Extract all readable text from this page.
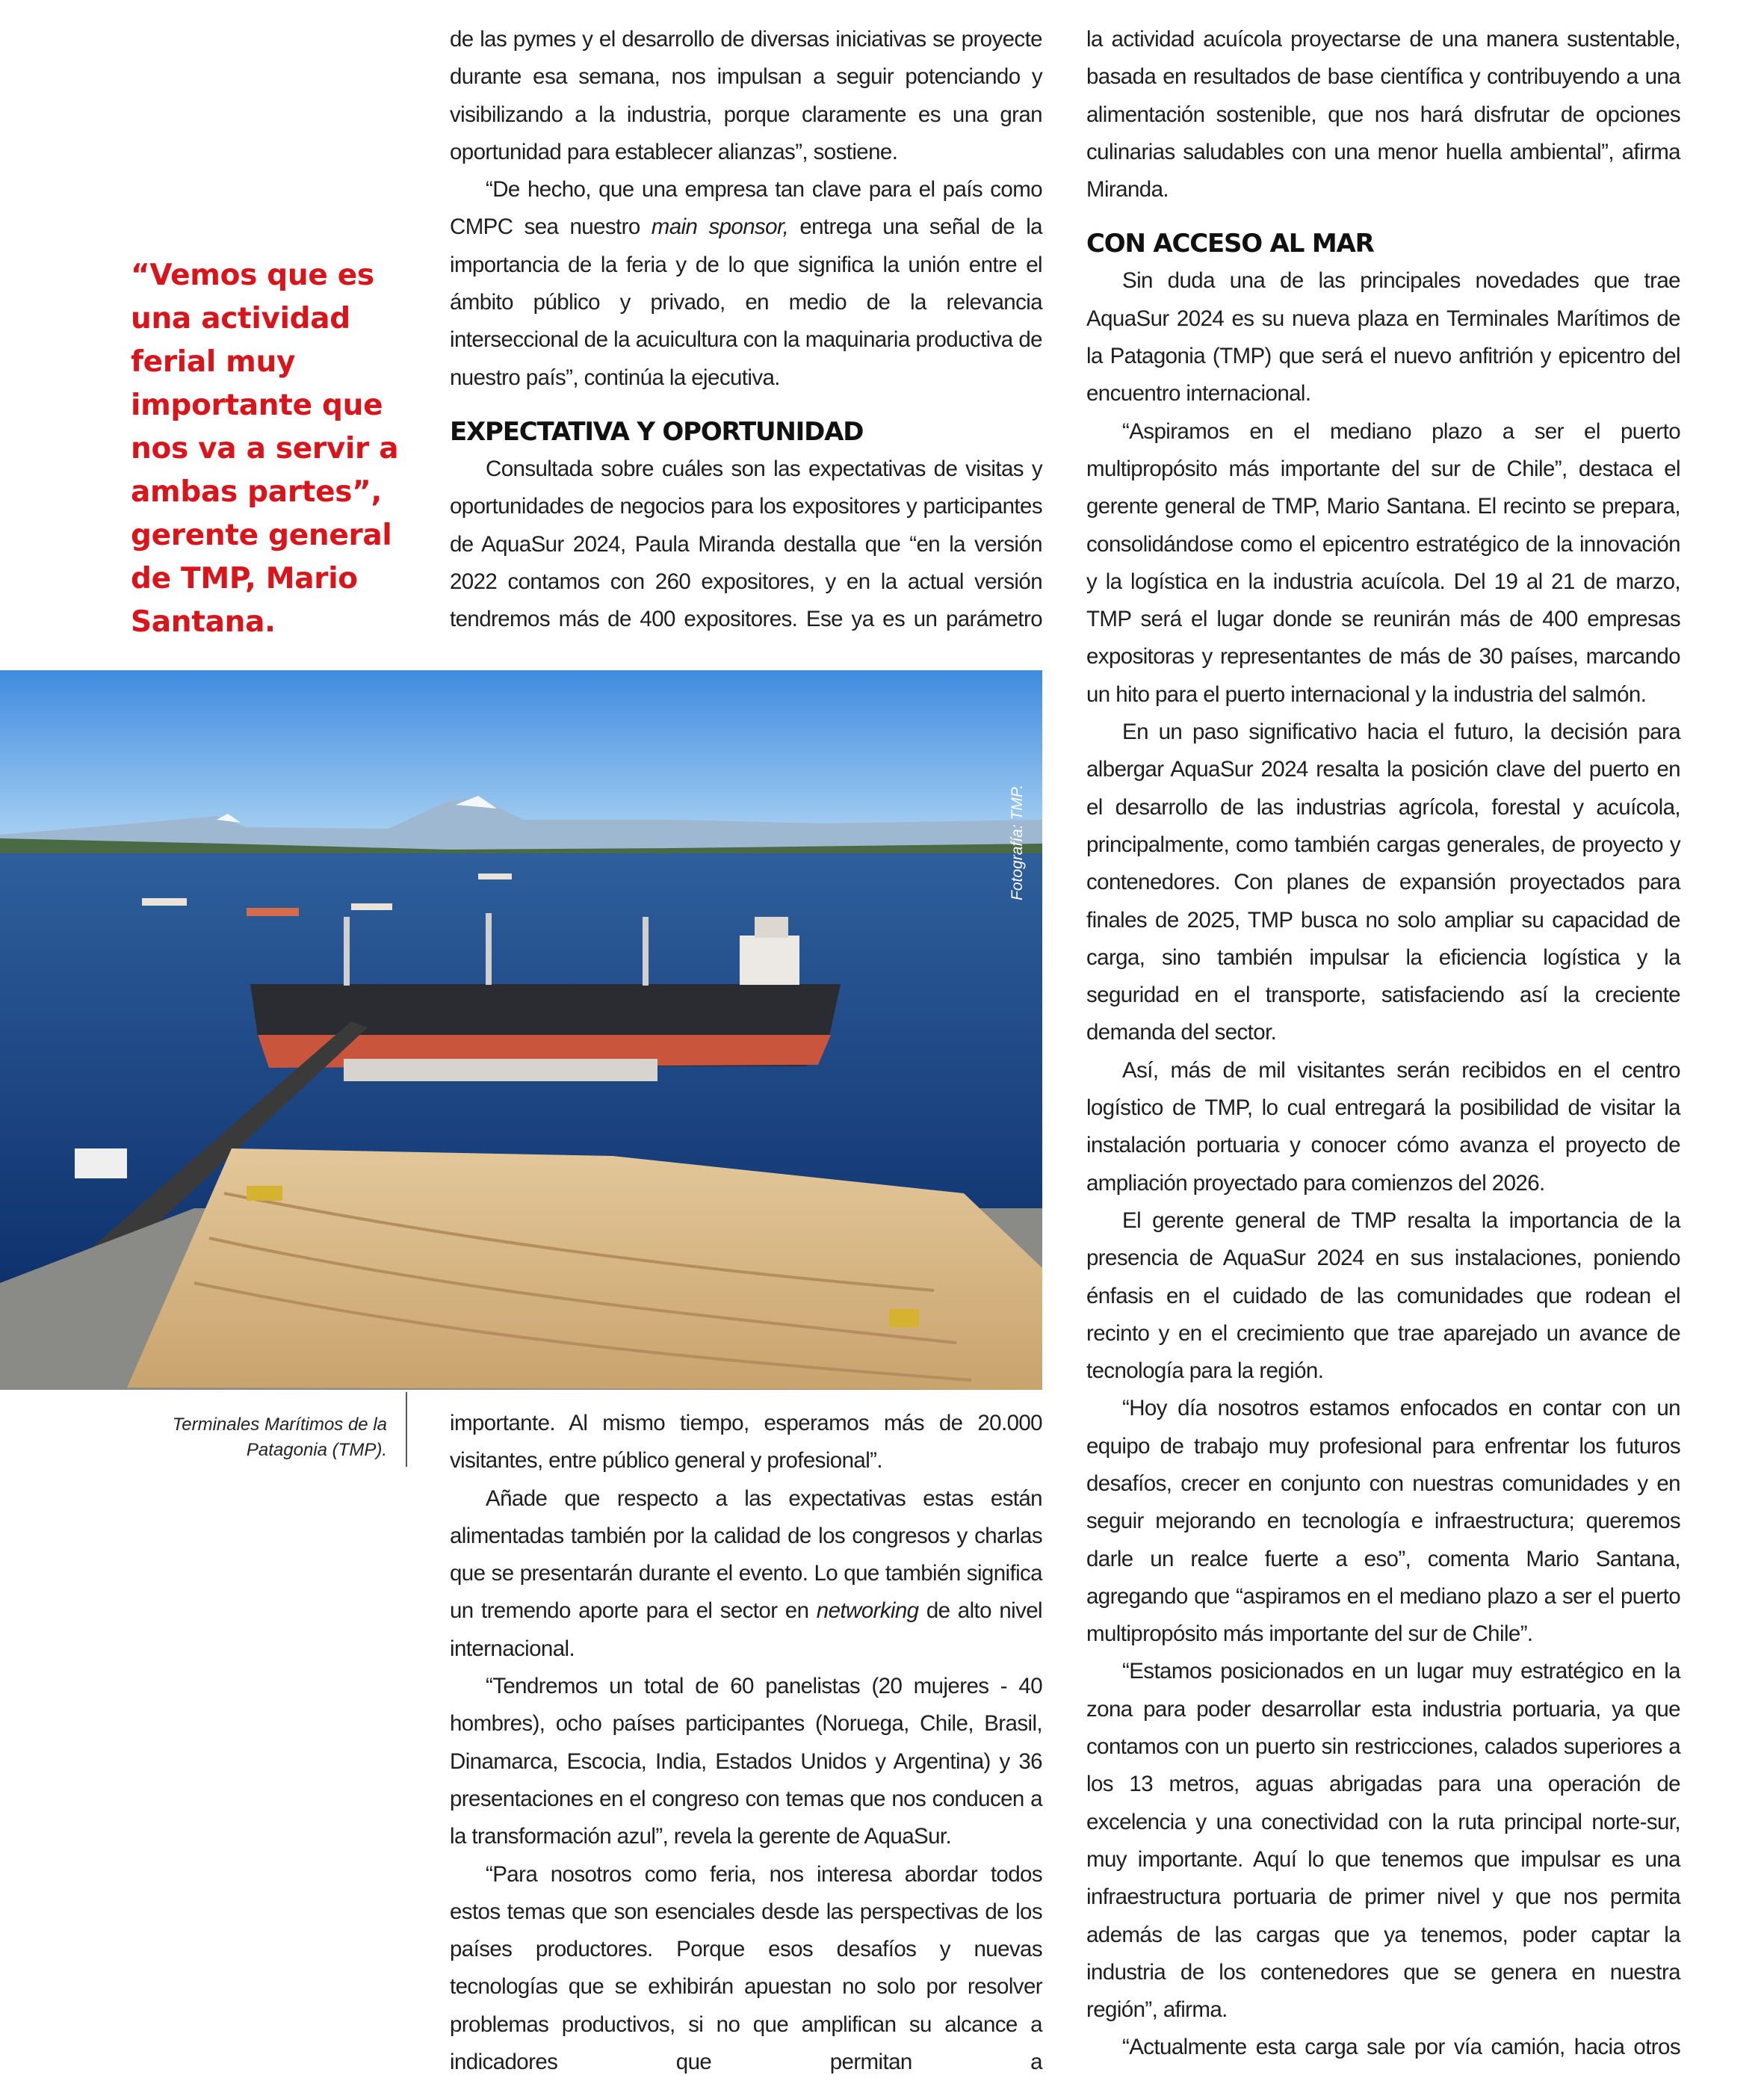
“Vemos que es una actividad ferial muy importante que nos va a servir a ambas partes”, gerente general de TMP, Mario Santana.

de las pymes y el desarrollo de diversas iniciativas se proyecte durante esa semana, nos impulsan a seguir potenciando y visibilizando a la industria, porque claramente es una gran oportunidad para establecer alianzas”, sostiene.

“De hecho, que una empresa tan clave para el país como CMPC sea nuestro main sponsor, entrega una señal de la importancia de la feria y de lo que significa la unión entre el ámbito público y privado, en medio de la relevancia interseccional de la acuicultura con la maquinaria productiva de nuestro país”, continúa la ejecutiva.

EXPECTATIVA Y OPORTUNIDAD

Consultada sobre cuáles son las expectativas de visitas y oportunidades de negocios para los expositores y participantes de AquaSur 2024, Paula Miranda destalla que “en la versión 2022 contamos con 260 expositores, y en la actual versión tendremos más de 400 expositores. Ese ya es un parámetro

Fotografía: TMP.
Terminales Marítimos de la Patagonia (TMP).

importante. Al mismo tiempo, esperamos más de 20.000 visitantes, entre público general y profesional”.

Añade que respecto a las expectativas estas están alimentadas también por la calidad de los congresos y charlas que se presentarán durante el evento. Lo que también significa un tremendo aporte para el sector en networking de alto nivel internacional.

“Tendremos un total de 60 panelistas (20 mujeres - 40 hombres), ocho países participantes (Noruega, Chile, Brasil, Dinamarca, Escocia, India, Estados Unidos y Argentina) y 36 presentaciones en el congreso con temas que nos conducen a la transformación azul”, revela la gerente de AquaSur.

“Para nosotros como feria, nos interesa abordar todos estos temas que son esenciales desde las perspectivas de los países productores. Porque esos desafíos y nuevas tecnologías que se exhibirán apuestan no solo por resolver problemas productivos, si no que amplifican su alcance a indicadores que permitan a

la actividad acuícola proyectarse de una manera sustentable, basada en resultados de base científica y contribuyendo a una alimentación sostenible, que nos hará disfrutar de opciones culinarias saludables con una menor huella ambiental”, afirma Miranda.

CON ACCESO AL MAR

Sin duda una de las principales novedades que trae AquaSur 2024 es su nueva plaza en Terminales Marítimos de la Patagonia (TMP) que será el nuevo anfitrión y epicentro del encuentro internacional.

“Aspiramos en el mediano plazo a ser el puerto multipropósito más importante del sur de Chile”, destaca el gerente general de TMP, Mario Santana. El recinto se prepara, consolidándose como el epicentro estratégico de la innovación y la logística en la industria acuícola. Del 19 al 21 de marzo, TMP será el lugar donde se reunirán más de 400 empresas expositoras y representantes de más de 30 países, marcando un hito para el puerto internacional y la industria del salmón.

En un paso significativo hacia el futuro, la decisión para albergar AquaSur 2024 resalta la posición clave del puerto en el desarrollo de las industrias agrícola, forestal y acuícola, principalmente, como también cargas generales, de proyecto y contenedores. Con planes de expansión proyectados para finales de 2025, TMP busca no solo ampliar su capacidad de carga, sino también impulsar la eficiencia logística y la seguridad en el transporte, satisfaciendo así la creciente demanda del sector.

Así, más de mil visitantes serán recibidos en el centro logístico de TMP, lo cual entregará la posibilidad de visitar la instalación portuaria y conocer cómo avanza el proyecto de ampliación proyectado para comienzos del 2026.

El gerente general de TMP resalta la importancia de la presencia de AquaSur 2024 en sus instalaciones, poniendo énfasis en el cuidado de las comunidades que rodean el recinto y en el crecimiento que trae aparejado un avance de tecnología para la región.

“Hoy día nosotros estamos enfocados en contar con un equipo de trabajo muy profesional para enfrentar los futuros desafíos, crecer en conjunto con nuestras comunidades y en seguir mejorando en tecnología e infraestructura; queremos darle un realce fuerte a eso”, comenta Mario Santana, agregando que “aspiramos en el mediano plazo a ser el puerto multipropósito más importante del sur de Chile”.

“Estamos posicionados en un lugar muy estratégico en la zona para poder desarrollar esta industria portuaria, ya que contamos con un puerto sin restricciones, calados superiores a los 13 metros, aguas abrigadas para una operación de excelencia y una conectividad con la ruta principal norte-sur, muy importante. Aquí lo que tenemos que impulsar es una infraestructura portuaria de primer nivel y que nos permita además de las cargas que ya tenemos, poder captar la industria de los contenedores que se genera en nuestra región”, afirma.

“Actualmente esta carga sale por vía camión, hacia otros
